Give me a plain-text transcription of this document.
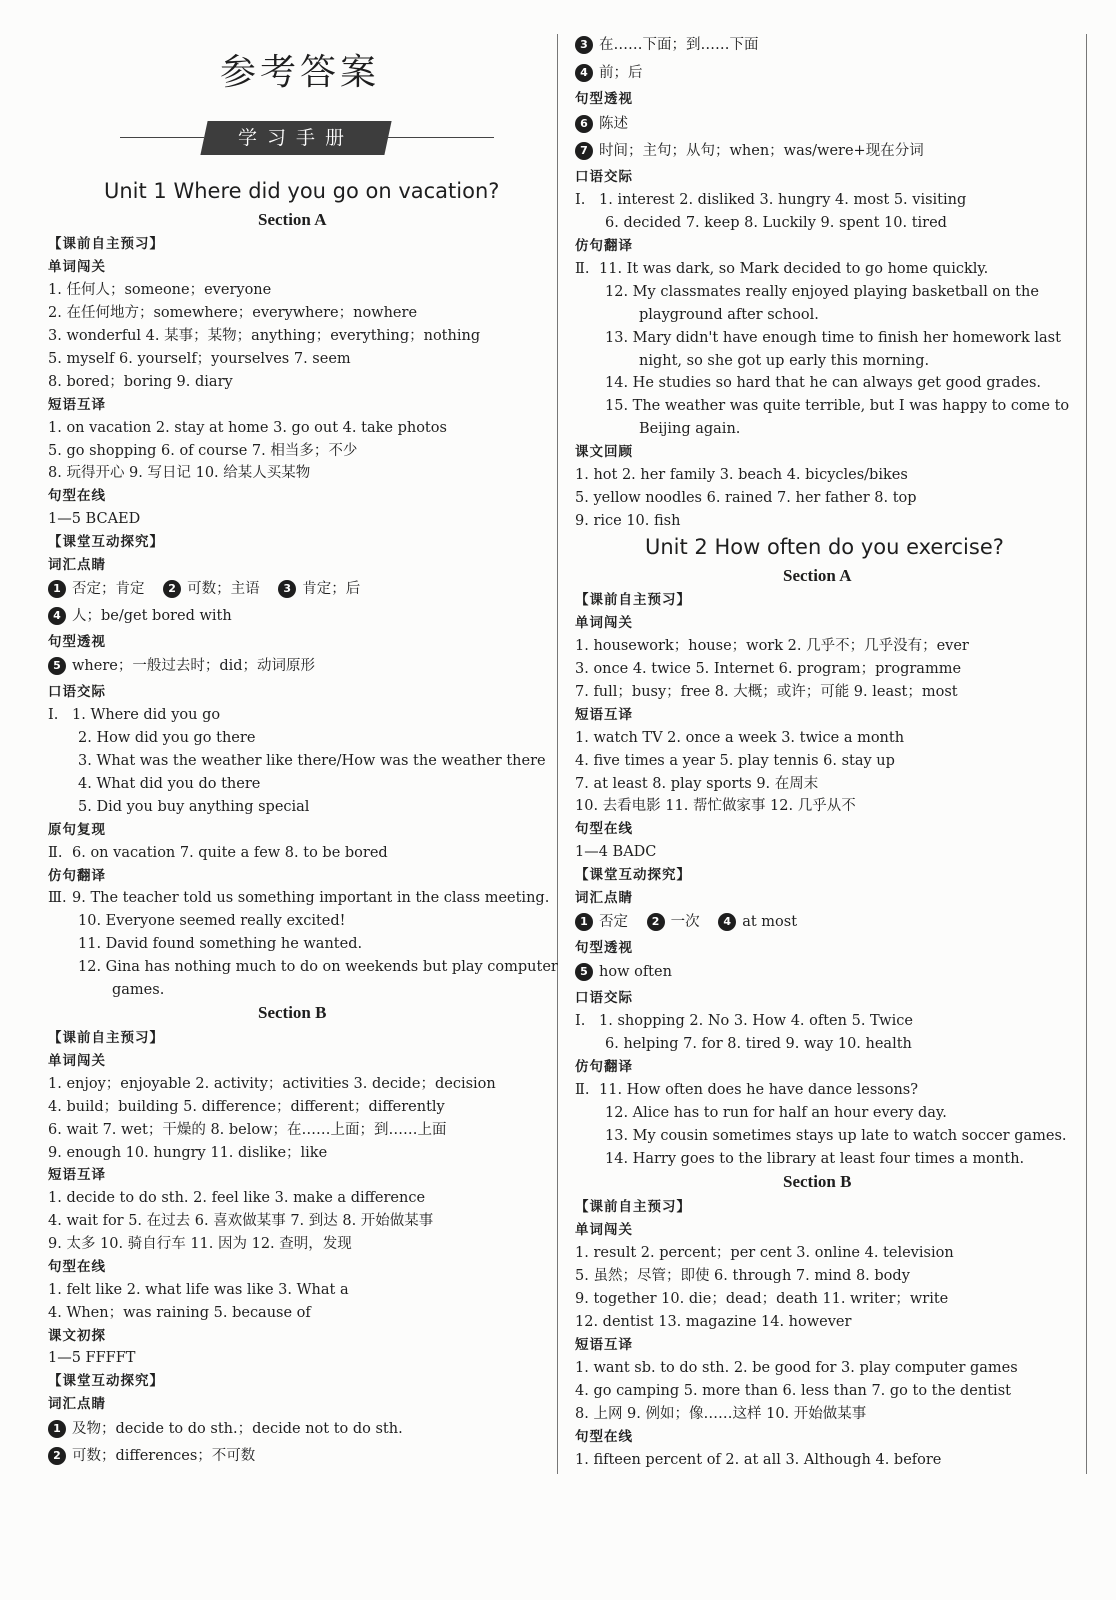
参考答案
学习手册
Unit 1 Where did you go on vacation?
Section A
【课前自主预习】
单词闯关
1. 任何人；someone；everyone
2. 在任何地方；somewhere；everywhere；nowhere
3. wonderful 4. 某事；某物；anything；everything；nothing
5. myself 6. yourself；yourselves 7. seem
8. bored；boring 9. diary
短语互译
1. on vacation 2. stay at home 3. go out 4. take photos
5. go shopping 6. of course 7. 相当多；不少
8. 玩得开心 9. 写日记 10. 给某人买某物
句型在线
1—5 BCAED
【课堂互动探究】
词汇点睛
1 否定；肯定 2 可数；主语 3 肯定；后
4 人；be/get bored with
句型透视
5 where；一般过去时；did；动词原形
口语交际
Ⅰ. 1. Where did you go
2. How did you go there
3. What was the weather like there/How was the weather there
4. What did you do there
5. Did you buy anything special
原句复现
Ⅱ. 6. on vacation 7. quite a few 8. to be bored
仿句翻译
Ⅲ. 9. The teacher told us something important in the class meeting.
10. Everyone seemed really excited!
11. David found something he wanted.
12. Gina has nothing much to do on weekends but play computer
games.
Section B
【课前自主预习】
单词闯关
1. enjoy；enjoyable 2. activity；activities 3. decide；decision
4. build；building 5. difference；different；differently
6. wait 7. wet；干燥的 8. below；在……上面；到……上面
9. enough 10. hungry 11. dislike；like
短语互译
1. decide to do sth. 2. feel like 3. make a difference
4. wait for 5. 在过去 6. 喜欢做某事 7. 到达 8. 开始做某事
9. 太多 10. 骑自行车 11. 因为 12. 查明，发现
句型在线
1. felt like 2. what life was like 3. What a
4. When；was raining 5. because of
课文初探
1—5 FFFFT
【课堂互动探究】
词汇点睛
1 及物；decide to do sth.；decide not to do sth.
2 可数；differences；不可数
3 在……下面；到……下面
4 前；后
句型透视
6 陈述
7 时间；主句；从句；when；was/were+现在分词
口语交际
Ⅰ. 1. interest 2. disliked 3. hungry 4. most 5. visiting
6. decided 7. keep 8. Luckily 9. spent 10. tired
仿句翻译
Ⅱ. 11. It was dark, so Mark decided to go home quickly.
12. My classmates really enjoyed playing basketball on the
playground after school.
13. Mary didn't have enough time to finish her homework last
night, so she got up early this morning.
14. He studies so hard that he can always get good grades.
15. The weather was quite terrible, but I was happy to come to
Beijing again.
课文回顾
1. hot 2. her family 3. beach 4. bicycles/bikes
5. yellow noodles 6. rained 7. her father 8. top
9. rice 10. fish
Unit 2 How often do you exercise?
Section A
【课前自主预习】
单词闯关
1. housework；house；work 2. 几乎不；几乎没有；ever
3. once 4. twice 5. Internet 6. program；programme
7. full；busy；free 8. 大概；或许；可能 9. least；most
短语互译
1. watch TV 2. once a week 3. twice a month
4. five times a year 5. play tennis 6. stay up
7. at least 8. play sports 9. 在周末
10. 去看电影 11. 帮忙做家事 12. 几乎从不
句型在线
1—4 BADC
【课堂互动探究】
词汇点睛
1 否定 2 一次 4 at most
句型透视
5 how often
口语交际
Ⅰ. 1. shopping 2. No 3. How 4. often 5. Twice
6. helping 7. for 8. tired 9. way 10. health
仿句翻译
Ⅱ. 11. How often does he have dance lessons?
12. Alice has to run for half an hour every day.
13. My cousin sometimes stays up late to watch soccer games.
14. Harry goes to the library at least four times a month.
Section B
【课前自主预习】
单词闯关
1. result 2. percent；per cent 3. online 4. television
5. 虽然；尽管；即使 6. through 7. mind 8. body
9. together 10. die；dead；death 11. writer；write
12. dentist 13. magazine 14. however
短语互译
1. want sb. to do sth. 2. be good for 3. play computer games
4. go camping 5. more than 6. less than 7. go to the dentist
8. 上网 9. 例如；像……这样 10. 开始做某事
句型在线
1. fifteen percent of 2. at all 3. Although 4. before
